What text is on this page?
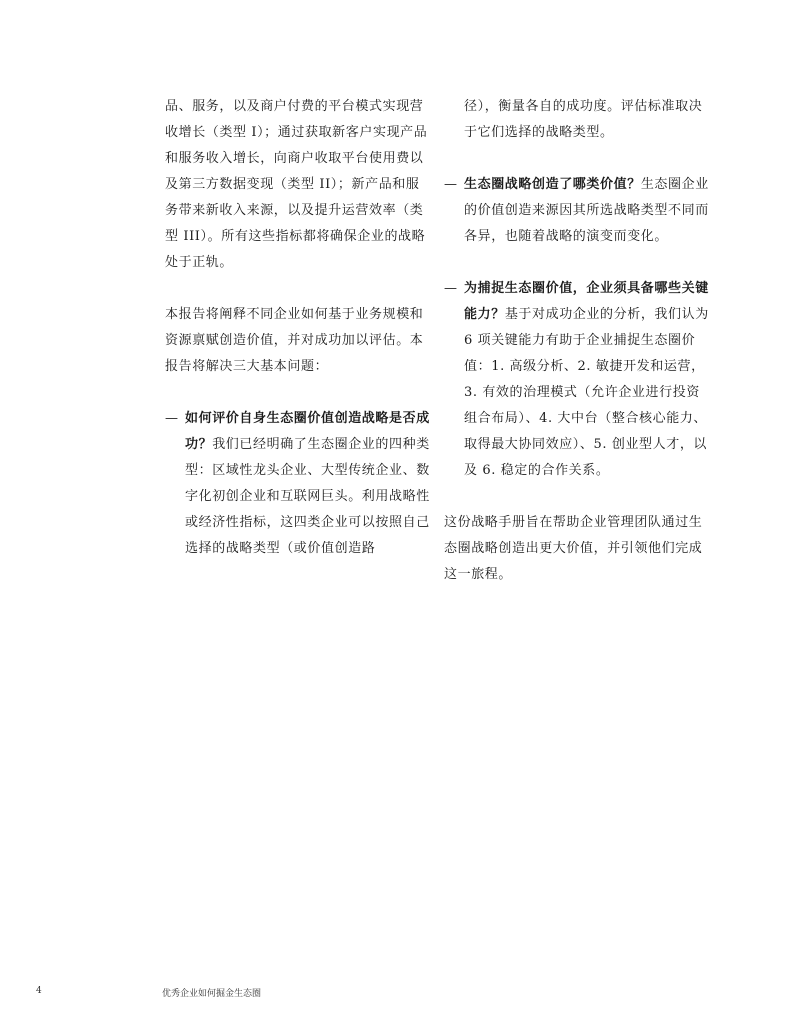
品、服务，以及商户付费的平台模式实现营收增长（类型 I）；通过获取新客户实现产品和服务收入增长，向商户收取平台使用费以及第三方数据变现（类型 II）；新产品和服务带来新收入来源，以及提升运营效率（类型 III）。所有这些指标都将确保企业的战略处于正轨。

本报告将阐释不同企业如何基于业务规模和资源禀赋创造价值，并对成功加以评估。本报告将解决三大基本问题：

— 如何评价自身生态圈价值创造战略是否成功？我们已经明确了生态圈企业的四种类型：区域性龙头企业、大型传统企业、数字化初创企业和互联网巨头。利用战略性或经济性指标，这四类企业可以按照自己选择的战略类型（或价值创造路

径），衡量各自的成功度。评估标准取决于它们选择的战略类型。

— 生态圈战略创造了哪类价值？生态圈企业的价值创造来源因其所选战略类型不同而各异，也随着战略的演变而变化。

— 为捕捉生态圈价值，企业须具备哪些关键能力？基于对成功企业的分析，我们认为 6 项关键能力有助于企业捕捉生态圈价值：1. 高级分析、2. 敏捷开发和运营，3. 有效的治理模式（允许企业进行投资组合布局）、4. 大中台（整合核心能力、取得最大协同效应）、5. 创业型人才，以及 6. 稳定的合作关系。

这份战略手册旨在帮助企业管理团队通过生态圈战略创造出更大价值，并引领他们完成这一旅程。

4	优秀企业如何掘金生态圈
